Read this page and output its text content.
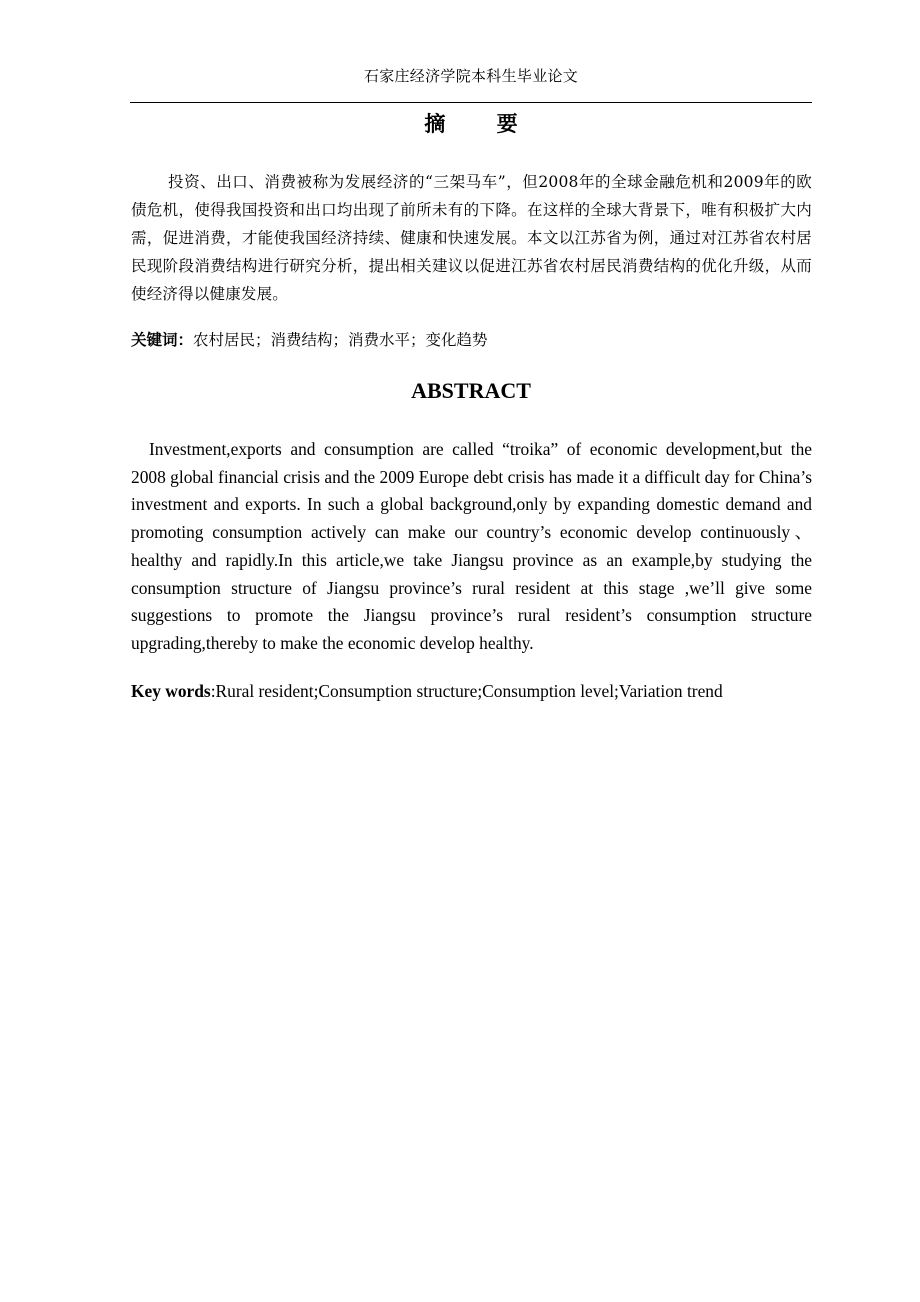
石家庄经济学院本科生毕业论文
摘 要

投资、出口、消费被称为发展经济的“三架马车”，但2008年的全球金融危机和2009年的欧债危机，使得我国投资和出口均出现了前所未有的下降。在这样的全球大背景下，唯有积极扩大内需，促进消费，才能使我国经济持续、健康和快速发展。本文以江苏省为例，通过对江苏省农村居民现阶段消费结构进行研究分析，提出相关建议以促进江苏省农村居民消费结构的优化升级，从而使经济得以健康发展。

关键词：农村居民；消费结构；消费水平；变化趋势

ABSTRACT

Investment,exports and consumption are called “troika” of economic development,but the 2008 global financial crisis and the 2009 Europe debt crisis has made it a difficult day for China’s investment and exports. In such a global background,only by expanding domestic demand and promoting consumption actively can make our country’s economic develop continuously、healthy and rapidly.In this article,we take Jiangsu province as an example,by studying the consumption structure of Jiangsu province’s rural resident at this stage ,we’ll give some suggestions to promote the Jiangsu province’s rural resident’s consumption structure upgrading,thereby to make the economic develop healthy.

Key words:Rural resident;Consumption structure;Consumption level;Variation trend
